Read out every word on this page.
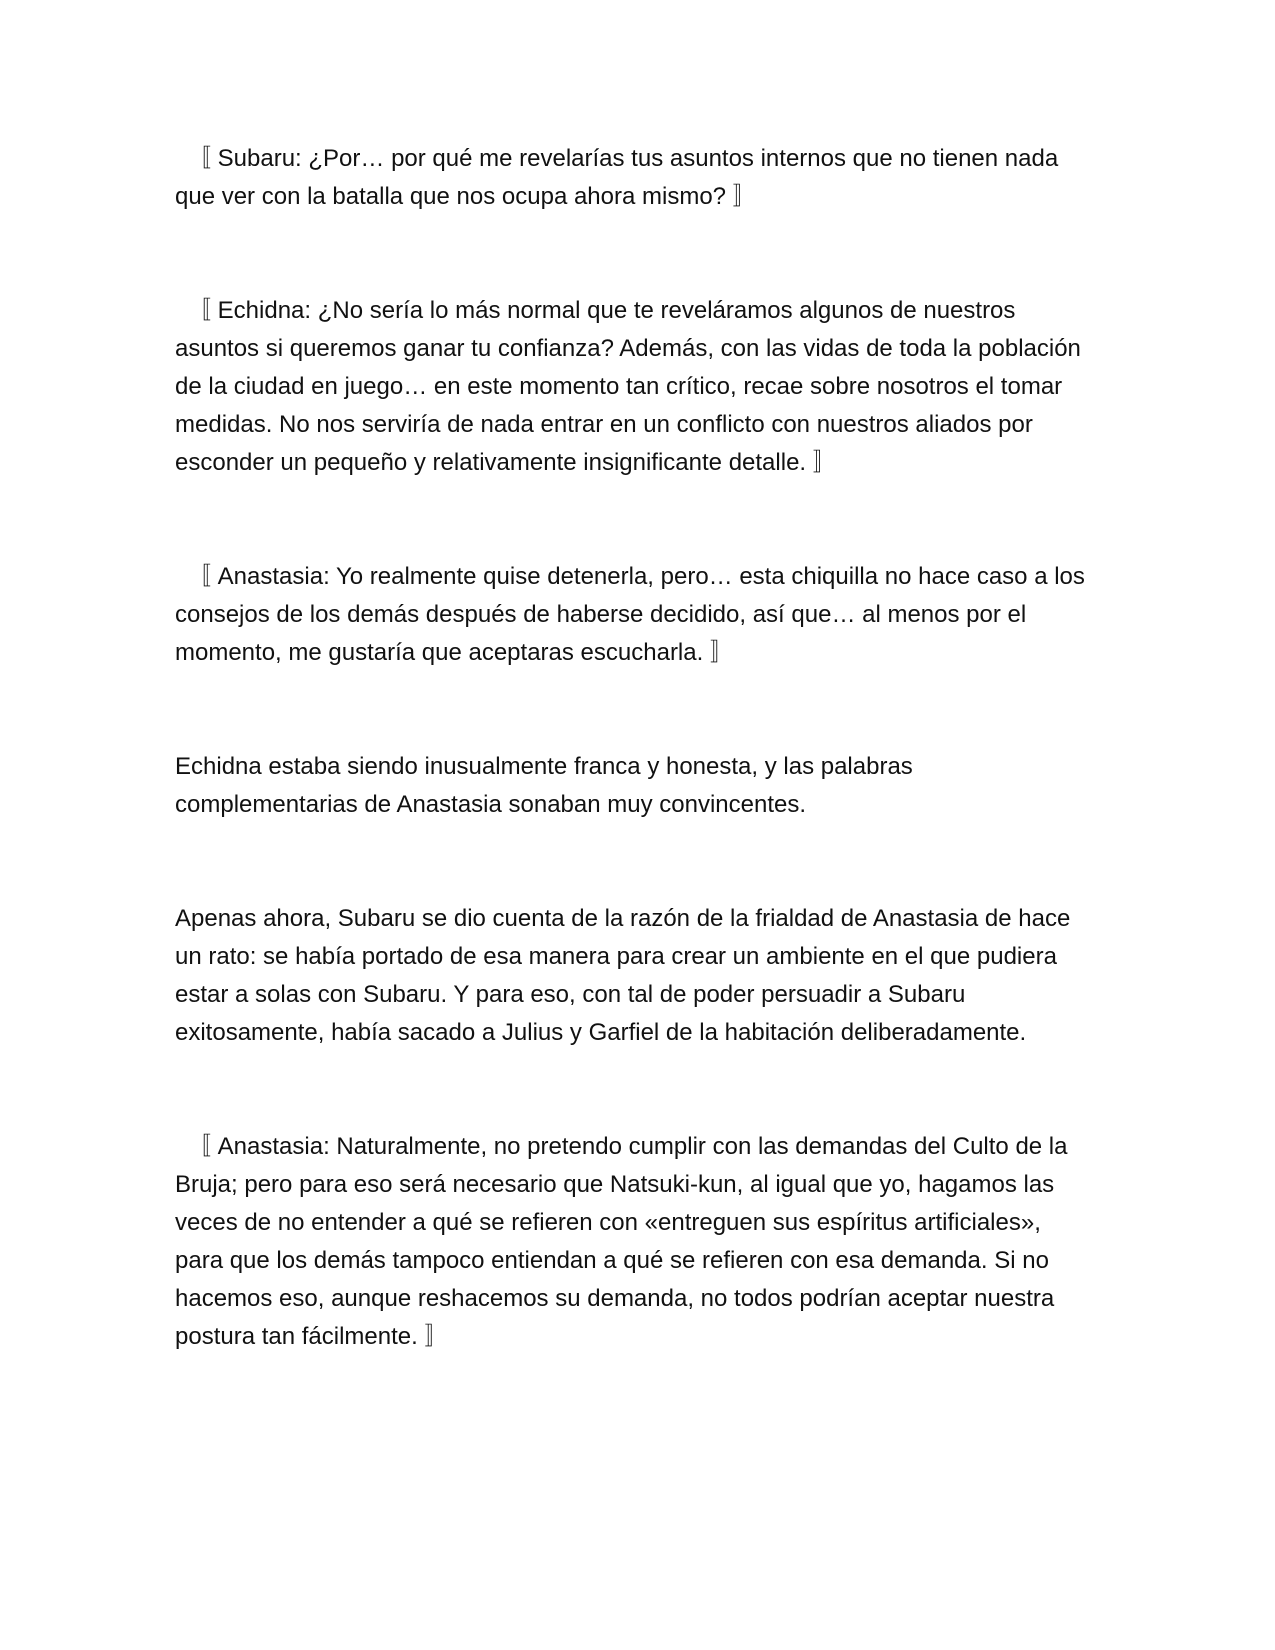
〚 Subaru: ¿Por… por qué me revelarías tus asuntos internos que no tienen nada que ver con la batalla que nos ocupa ahora mismo? 〛

〚 Echidna: ¿No sería lo más normal que te reveláramos algunos de nuestros asuntos si queremos ganar tu confianza? Además, con las vidas de toda la población de la ciudad en juego… en este momento tan crítico, recae sobre nosotros el tomar medidas. No nos serviría de nada entrar en un conflicto con nuestros aliados por esconder un pequeño y relativamente insignificante detalle. 〛

〚 Anastasia: Yo realmente quise detenerla, pero… esta chiquilla no hace caso a los consejos de los demás después de haberse decidido, así que… al menos por el momento, me gustaría que aceptaras escucharla. 〛

Echidna estaba siendo inusualmente franca y honesta, y las palabras complementarias de Anastasia sonaban muy convincentes.

Apenas ahora, Subaru se dio cuenta de la razón de la frialdad de Anastasia de hace un rato: se había portado de esa manera para crear un ambiente en el que pudiera estar a solas con Subaru. Y para eso, con tal de poder persuadir a Subaru exitosamente, había sacado a Julius y Garfiel de la habitación deliberadamente.

〚 Anastasia: Naturalmente, no pretendo cumplir con las demandas del Culto de la Bruja; pero para eso será necesario que Natsuki-kun, al igual que yo, hagamos las veces de no entender a qué se refieren con «entreguen sus espíritus artificiales», para que los demás tampoco entiendan a qué se refieren con esa demanda. Si no hacemos eso, aunque reshacemos su demanda, no todos podrían aceptar nuestra postura tan fácilmente. 〛
